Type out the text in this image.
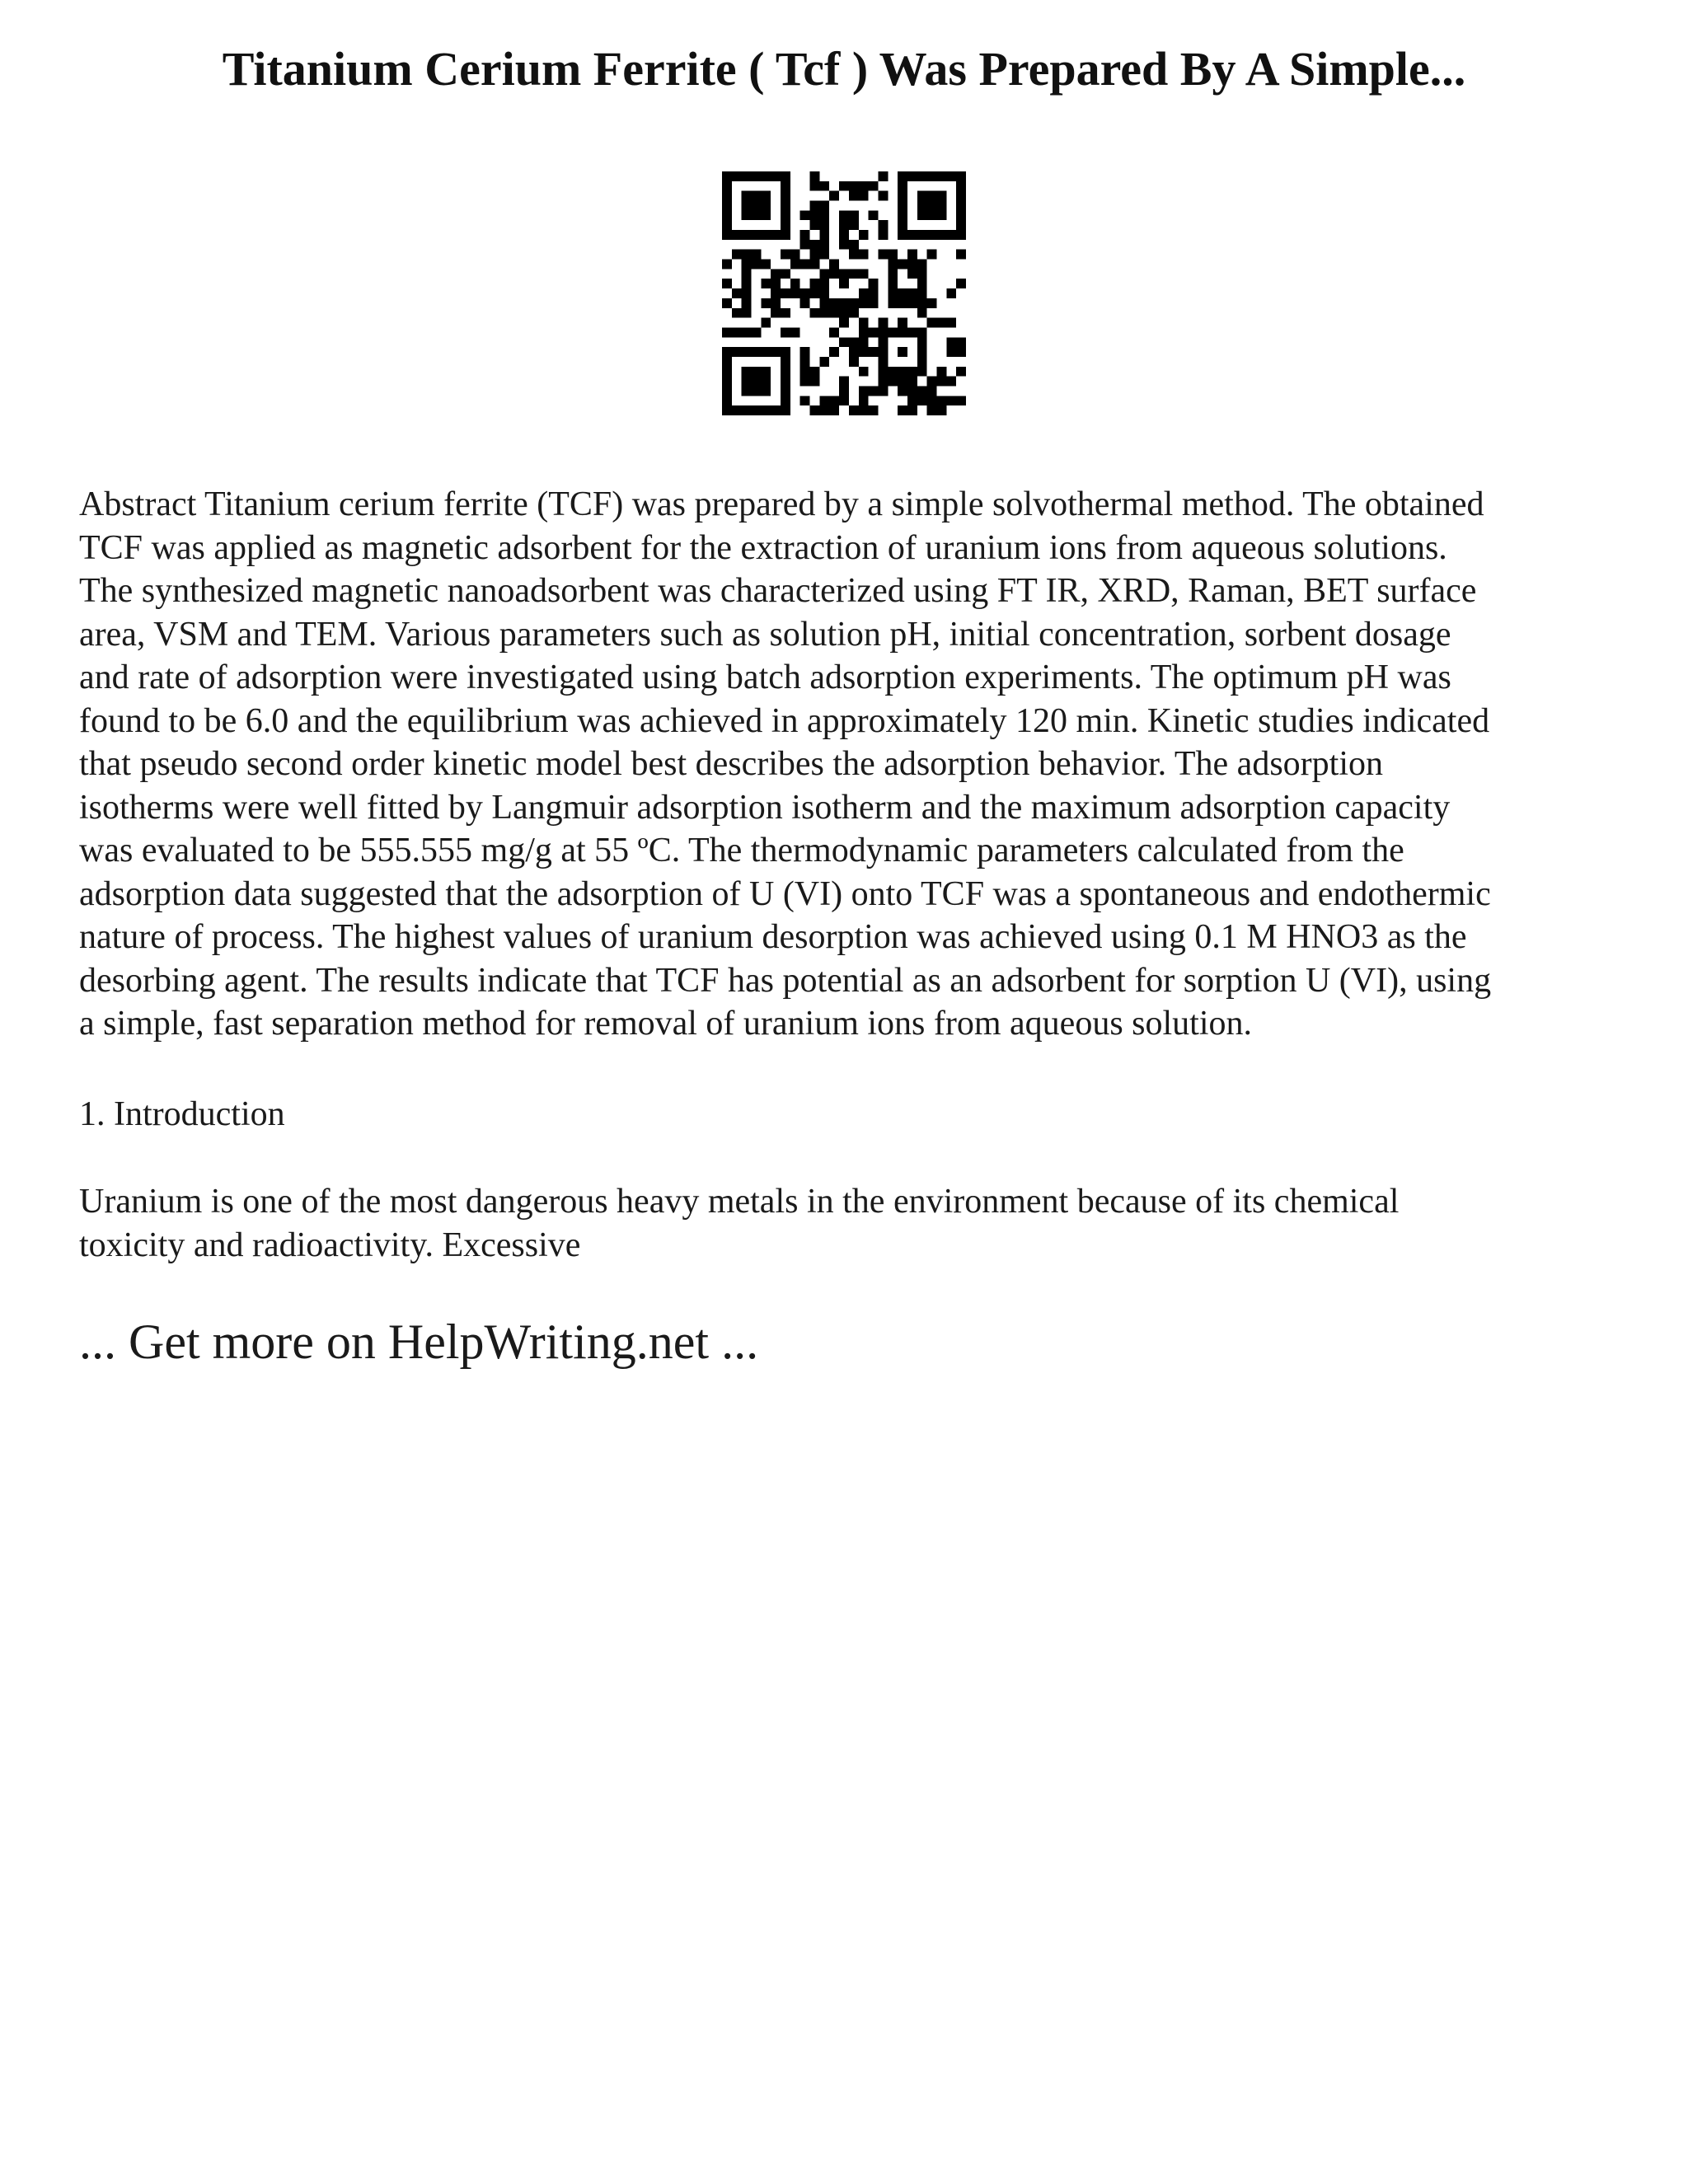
Titanium Cerium Ferrite ( Tcf ) Was Prepared By A Simple...

Abstract Titanium cerium ferrite (TCF) was prepared by a simple solvothermal method. The obtained
TCF was applied as magnetic adsorbent for the extraction of uranium ions from aqueous solutions.
The synthesized magnetic nanoadsorbent was characterized using FT IR, XRD, Raman, BET surface
area, VSM and TEM. Various parameters such as solution pH, initial concentration, sorbent dosage
and rate of adsorption were investigated using batch adsorption experiments. The optimum pH was
found to be 6.0 and the equilibrium was achieved in approximately 120 min. Kinetic studies indicated
that pseudo second order kinetic model best describes the adsorption behavior. The adsorption
isotherms were well fitted by Langmuir adsorption isotherm and the maximum adsorption capacity
was evaluated to be 555.555 mg/g at 55 ºC. The thermodynamic parameters calculated from the
adsorption data suggested that the adsorption of U (VI) onto TCF was a spontaneous and endothermic
nature of process. The highest values of uranium desorption was achieved using 0.1 M HNO3 as the
desorbing agent. The results indicate that TCF has potential as an adsorbent for sorption U (VI), using
a simple, fast separation method for removal of uranium ions from aqueous solution.

1. Introduction

Uranium is one of the most dangerous heavy metals in the environment because of its chemical
toxicity and radioactivity. Excessive

... Get more on HelpWriting.net ...
